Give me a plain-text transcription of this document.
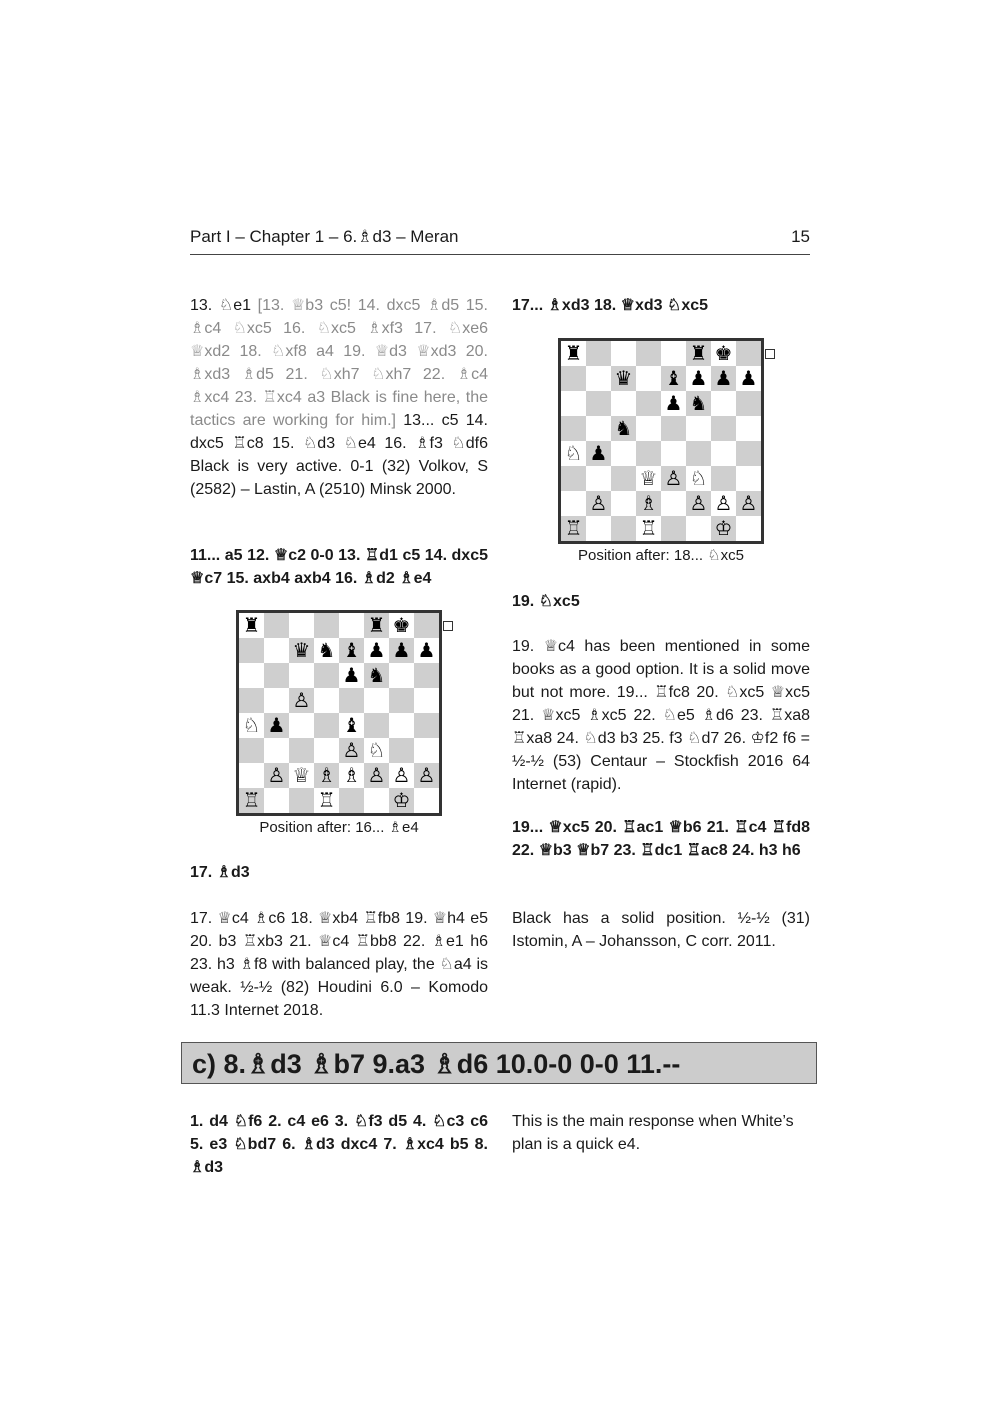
Part I – Chapter 1 – 6.♗d3 – Meran	15

13. ♘e1 [13. ♕b3 c5! 14. dxc5 ♗d5 15. ♗c4 ♘xc5 16. ♘xc5 ♗xf3 17. ♘xe6 ♕xd2 18. ♘xf8 a4 19. ♕d3 ♕xd3 20. ♗xd3 ♗d5 21. ♘xh7 ♘xh7 22. ♗c4 ♗xc4 23. ♖xc4 a3 Black is fine here, the tactics are working for him.] 13... c5 14. dxc5 ♖c8 15. ♘d3 ♘e4 16. ♗f3 ♘df6 Black is very active. 0-1 (32) Volkov, S (2582) – Lastin, A (2510) Minsk 2000.

11... a5 12. ♕c2 0-0 13. ♖d1 c5 14. dxc5 ♕c7 15. axb4 axb4 16. ♗d2 ♗e4
♜	♜ ♚
♛ ♞ ♝ ♟ ♟ ♟
♟ ♞
♙
♘ ♟	♝
♙ ♘
♙ ♕ ♗ ♗ ♙ ♙ ♙
♖	♖	♔
Position after: 16... ♗e4
17. ♗d3
17. ♕c4 ♗c6 18. ♕xb4 ♖fb8 19. ♕h4 e5 20. b3 ♖xb3 21. ♕c4 ♖bb8 22. ♗e1 h6 23. h3 ♗f8 with balanced play, the ♘a4 is weak. ½-½ (82) Houdini 6.0 – Komodo 11.3 Internet 2018.
17... ♗xd3 18. ♕xd3 ♘xc5
♜	♜ ♚
♛ ♝ ♟ ♟ ♟
♟ ♞
♞
♘ ♟
♕ ♙ ♘
♙ ♗ ♙ ♙ ♙
♖	♖	♔
Position after: 18... ♘xc5
19. ♘xc5
19. ♕c4 has been mentioned in some books as a good option. It is a solid move but not more. 19... ♖fc8 20. ♘xc5 ♕xc5 21. ♕xc5 ♗xc5 22. ♘e5 ♗d6 23. ♖xa8 ♖xa8 24. ♘d3 b3 25. f3 ♘d7 26. ♔f2 f6 = ½-½ (53) Centaur – Stockfish 2016 64 Internet (rapid).
19... ♕xc5 20. ♖ac1 ♕b6 21. ♖c4 ♖fd8 22. ♕b3 ♕b7 23. ♖dc1 ♖ac8 24. h3 h6
Black has a solid position. ½-½ (31) Istomin, A – Johansson, C corr. 2011.
c) 8.♗d3 ♗b7 9.a3 ♗d6 10.0-0 0-0 11.--
1. d4 ♘f6 2. c4 e6 3. ♘f3 d5 4. ♘c3 c6 5. e3 ♘bd7 6. ♗d3 dxc4 7. ♗xc4 b5 8. ♗d3
This is the main response when White’s plan is a quick e4.
